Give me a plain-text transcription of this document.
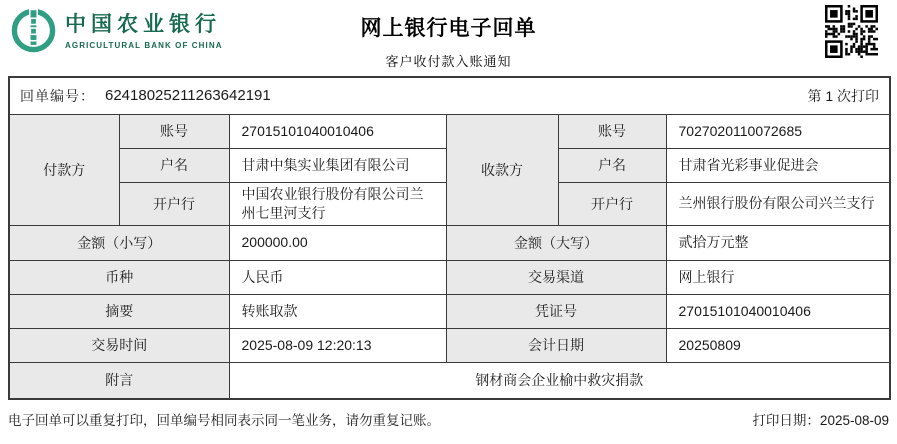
中国农业银行
AGRICULTURAL BANK OF CHINA
网上银行电子回单
客户收付款入账通知
回单编号： 62418025211263642191 第 1 次打印					

付款方	账号	27015101040010406	收款方	账号	7027020110072685
	户名	甘肃中集实业集团有限公司		户名	甘肃省光彩事业促进会
	开户行	中国农业银行股份有限公司兰州七里河支行		开户行	兰州银行股份有限公司兴兰支行
金额（小写）		200000.00	金额（大写）		贰拾万元整
币种		人民币	交易渠道		网上银行
摘要		转账取款	凭证号		27015101040010406
交易时间		2025-08-09 12:20:13	会计日期		20250809
附言		钢材商会企业榆中救灾捐款			
电子回单可以重复打印，回单编号相同表示同一笔业务，请勿重复记账。	打印日期：2025-08-09
